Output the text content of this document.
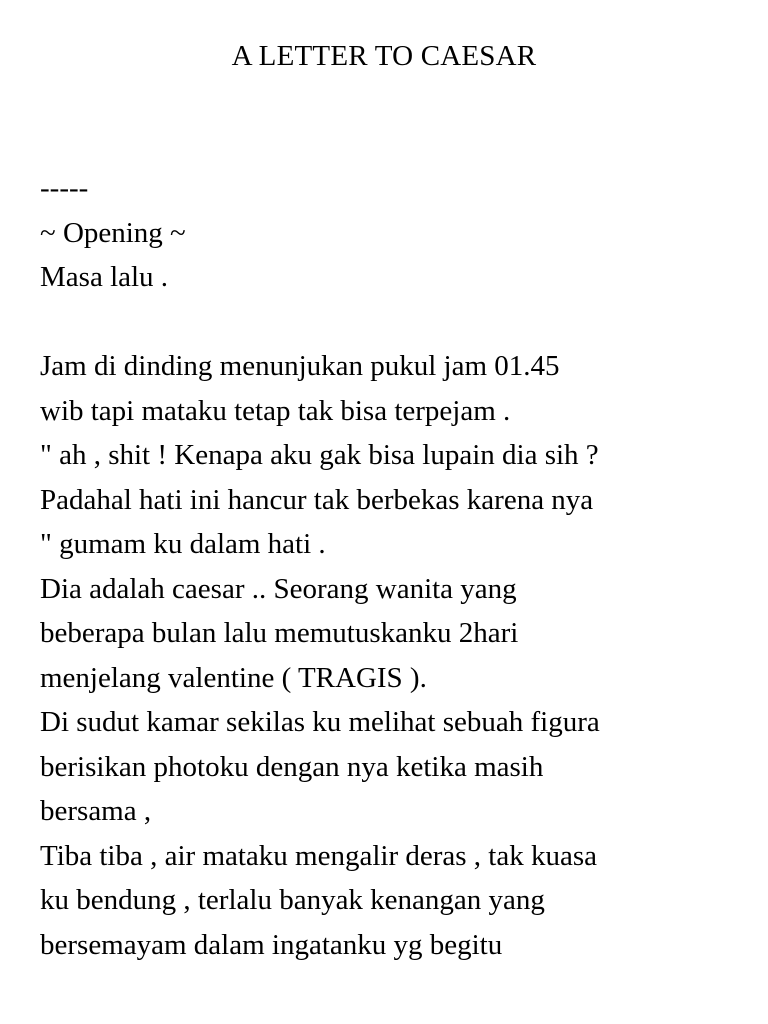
A LETTER TO CAESAR
-----
~ Opening ~
Masa lalu .
Jam di dinding menunjukan pukul jam 01.45
wib tapi mataku tetap tak bisa terpejam .
" ah , shit ! Kenapa aku gak bisa lupain dia sih ?
Padahal hati ini hancur tak berbekas karena nya
" gumam ku dalam hati .
Dia adalah caesar .. Seorang wanita yang
beberapa bulan lalu memutuskanku 2hari
menjelang valentine ( TRAGIS ).
Di sudut kamar sekilas ku melihat sebuah figura
berisikan photoku dengan nya ketika masih
bersama ,
Tiba tiba , air mataku mengalir deras , tak kuasa
ku bendung , terlalu banyak kenangan yang
bersemayam dalam ingatanku yg begitu
